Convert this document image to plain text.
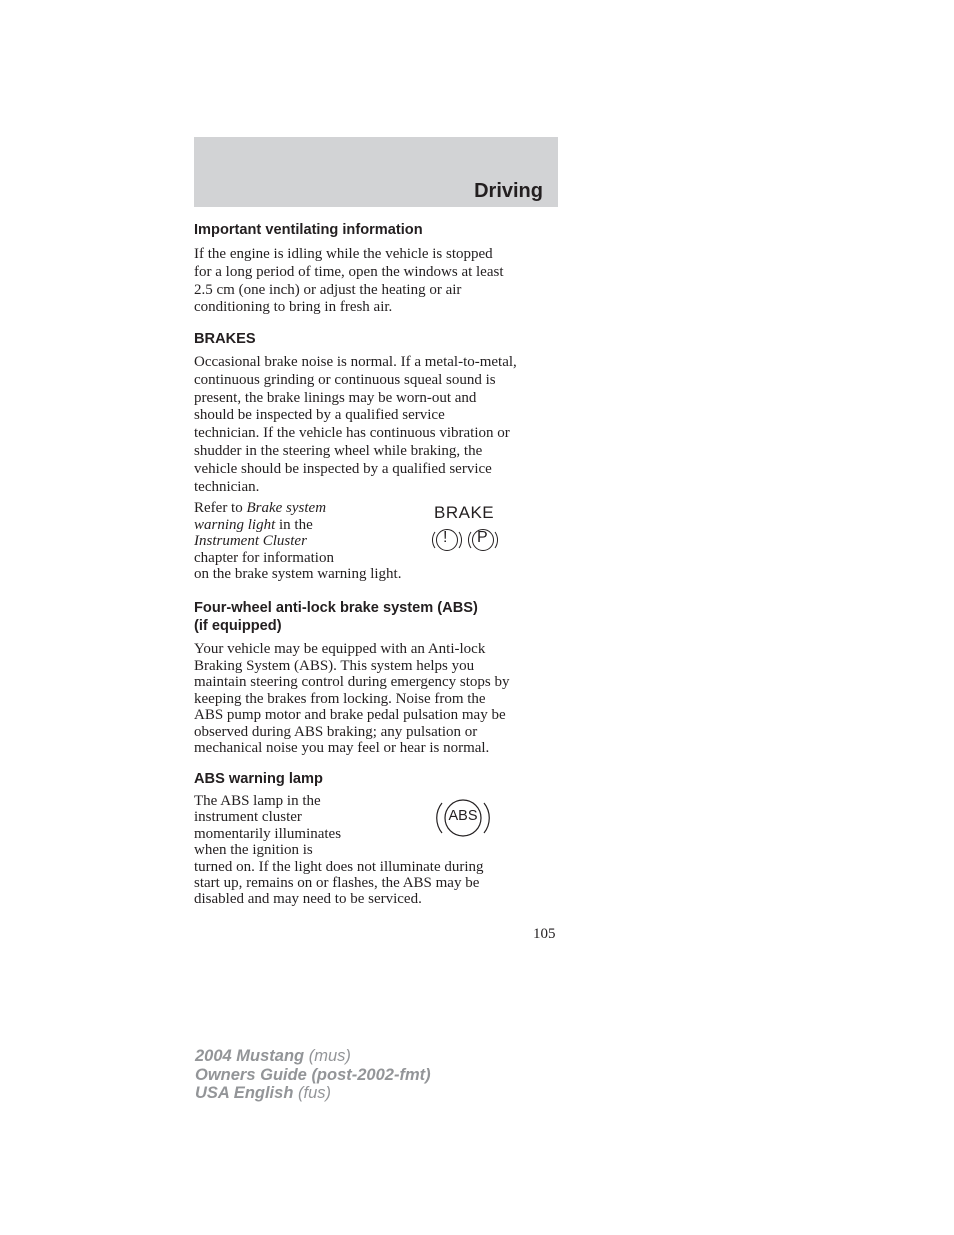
Driving

Important ventilating information

If the engine is idling while the vehicle is stopped

for a long period of time, open the windows at least

2.5 cm (one inch) or adjust the heating or air

conditioning to bring in fresh air.

BRAKES

Occasional brake noise is normal. If a metal-to-metal,

continuous grinding or continuous squeal sound is

present, the brake linings may be worn-out and

should be inspected by a qualified service

technician. If the vehicle has continuous vibration or

shudder in the steering wheel while braking, the

vehicle should be inspected by a qualified service

technician.

Refer to Brake system

warning light in the

Instrument Cluster

chapter for information

on the brake system warning light.

BRAKE
! P

Four-wheel anti-lock brake system (ABS)

(if equipped)

Your vehicle may be equipped with an Anti-lock

Braking System (ABS). This system helps you

maintain steering control during emergency stops by

keeping the brakes from locking. Noise from the

ABS pump motor and brake pedal pulsation may be

observed during ABS braking; any pulsation or

mechanical noise you may feel or hear is normal.

ABS warning lamp

The ABS lamp in the

instrument cluster

momentarily illuminates

when the ignition is

turned on. If the light does not illuminate during

start up, remains on or flashes, the ABS may be

disabled and may need to be serviced.

ABS
105
2004 Mustang (mus)
Owners Guide (post-2002-fmt)
USA English (fus)
